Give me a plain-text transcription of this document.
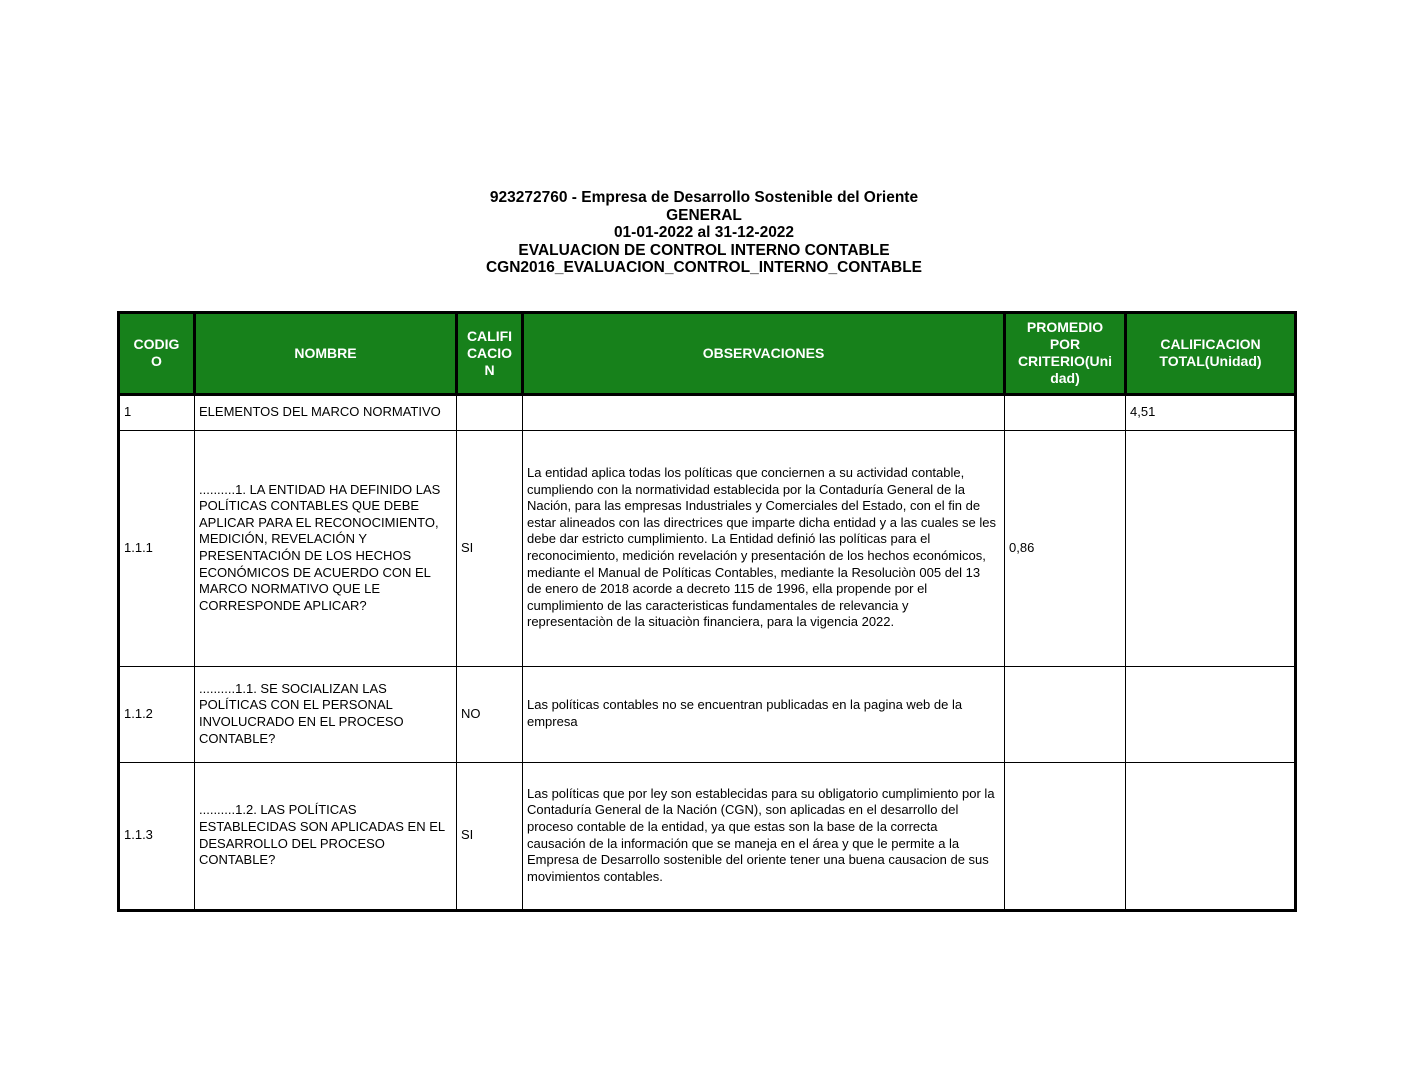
923272760 - Empresa de Desarrollo Sostenible del Oriente
GENERAL
01-01-2022 al 31-12-2022
EVALUACION DE CONTROL INTERNO CONTABLE
CGN2016_EVALUACION_CONTROL_INTERNO_CONTABLE
CODIGO	NOMBRE	CALIFICACION	OBSERVACIONES	PROMEDIO POR CRITERIO(Unidad)	CALIFICACION TOTAL(Unidad)
1	ELEMENTOS DEL MARCO NORMATIVO				4,51
1.1.1	..........1. LA ENTIDAD HA DEFINIDO LAS POLÍTICAS CONTABLES QUE DEBE APLICAR PARA EL RECONOCIMIENTO, MEDICIÓN, REVELACIÓN Y PRESENTACIÓN DE LOS HECHOS ECONÓMICOS DE ACUERDO CON EL MARCO NORMATIVO QUE LE CORRESPONDE APLICAR?	SI	La entidad aplica todas los políticas que conciernen a su actividad contable, cumpliendo con la normatividad establecida por la Contaduría General de la Nación, para las empresas Industriales y Comerciales del Estado, con el fin de estar alineados con las directrices que imparte dicha entidad y a las cuales se les debe dar estricto cumplimiento. La Entidad definió las políticas para el reconocimiento, medición revelación y presentación de los hechos económicos, mediante el Manual de Políticas Contables, mediante la Resoluciòn 005 del 13 de enero de 2018 acorde a decreto 115 de 1996, ella propende por el cumplimiento de las caracteristicas fundamentales de relevancia y representaciòn de la situaciòn financiera, para la vigencia 2022.	0,86	
1.1.2	..........1.1. SE SOCIALIZAN LAS POLÍTICAS CON EL PERSONAL INVOLUCRADO EN EL PROCESO CONTABLE?	NO	Las políticas contables no se encuentran publicadas en la pagina web de la empresa		
1.1.3	..........1.2. LAS POLÍTICAS ESTABLECIDAS SON APLICADAS EN EL DESARROLLO DEL PROCESO CONTABLE?	SI	Las políticas que por ley son establecidas para su obligatorio cumplimiento por la Contaduría General de la Nación (CGN), son aplicadas en el desarrollo del proceso contable de la entidad, ya que estas son la base de la correcta causación de la información que se maneja en el área y que le permite a la Empresa de Desarrollo sostenible del oriente tener una buena causacion de sus movimientos contables.		
